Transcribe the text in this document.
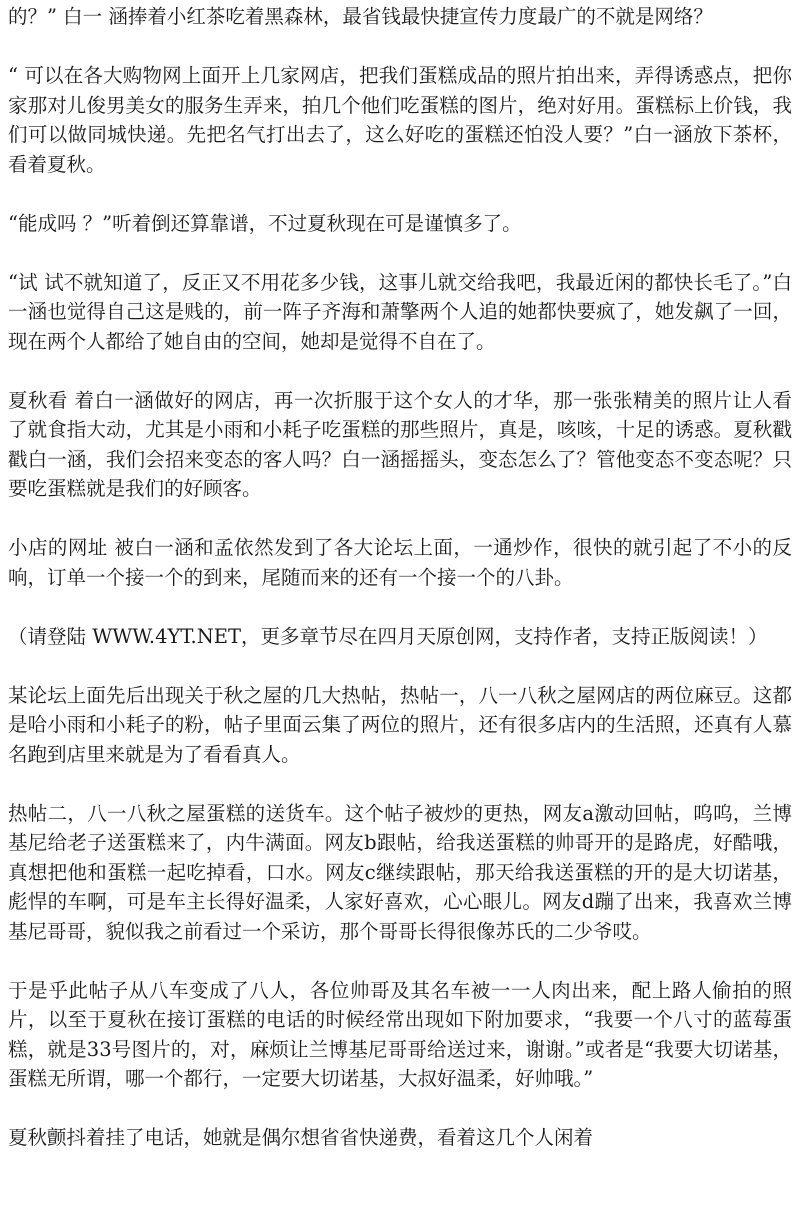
的？” 白一 涵捧着小红茶吃着黑森林，最省钱最快捷宣传力度最广的不就是网络？

“ 可以在各大购物网上面开上几家网店，把我们蛋糕成品的照片拍出来，弄得诱惑点，把你家那对儿俊男美女的服务生弄来，拍几个他们吃蛋糕的图片，绝对好用。蛋糕标上价钱，我们可以做同城快递。先把名气打出去了，这么好吃的蛋糕还怕没人要？”白一涵放下茶杯，看着夏秋。

“能成吗 ？”听着倒还算靠谱，不过夏秋现在可是谨慎多了。

“试 试不就知道了，反正又不用花多少钱，这事儿就交给我吧，我最近闲的都快长毛了。”白一涵也觉得自己这是贱的，前一阵子齐海和萧擎两个人追的她都快要疯了，她发飙了一回，现在两个人都给了她自由的空间，她却是觉得不自在了。

夏秋看 着白一涵做好的网店，再一次折服于这个女人的才华，那一张张精美的照片让人看了就食指大动，尤其是小雨和小耗子吃蛋糕的那些照片，真是，咳咳，十足的诱惑。夏秋戳戳白一涵，我们会招来变态的客人吗？白一涵摇摇头，变态怎么了？管他变态不变态呢？只要吃蛋糕就是我们的好顾客。

小店的网址 被白一涵和孟依然发到了各大论坛上面，一通炒作，很快的就引起了不小的反响，订单一个接一个的到来，尾随而来的还有一个接一个的八卦。

（请登陆 WWW.4YT.NET，更多章节尽在四月天原创网，支持作者，支持正版阅读！）

某论坛上面先后出现关于秋之屋的几大热帖，热帖一，八一八秋之屋网店的两位麻豆。这都是哈小雨和小耗子的粉，帖子里面云集了两位的照片，还有很多店内的生活照，还真有人慕名跑到店里来就是为了看看真人。

热帖二，八一八秋之屋蛋糕的送货车。这个帖子被炒的更热，网友a激动回帖，呜呜，兰博基尼给老子送蛋糕来了，内牛满面。网友b跟帖，给我送蛋糕的帅哥开的是路虎，好酷哦，真想把他和蛋糕一起吃掉看，口水。网友c继续跟帖，那天给我送蛋糕的开的是大切诺基，彪悍的车啊，可是车主长得好温柔，人家好喜欢，心心眼儿。网友d蹦了出来，我喜欢兰博基尼哥哥，貌似我之前看过一个采访，那个哥哥长得很像苏氏的二少爷哎。

于是乎此帖子从八车变成了八人，各位帅哥及其名车被一一人肉出来，配上路人偷拍的照片，以至于夏秋在接订蛋糕的电话的时候经常出现如下附加要求，“我要一个八寸的蓝莓蛋糕，就是33号图片的，对，麻烦让兰博基尼哥哥给送过来，谢谢。”或者是“我要大切诺基，蛋糕无所谓，哪一个都行，一定要大切诺基，大叔好温柔，好帅哦。”

夏秋颤抖着挂了电话，她就是偶尔想省省快递费，看着这几个人闲着
